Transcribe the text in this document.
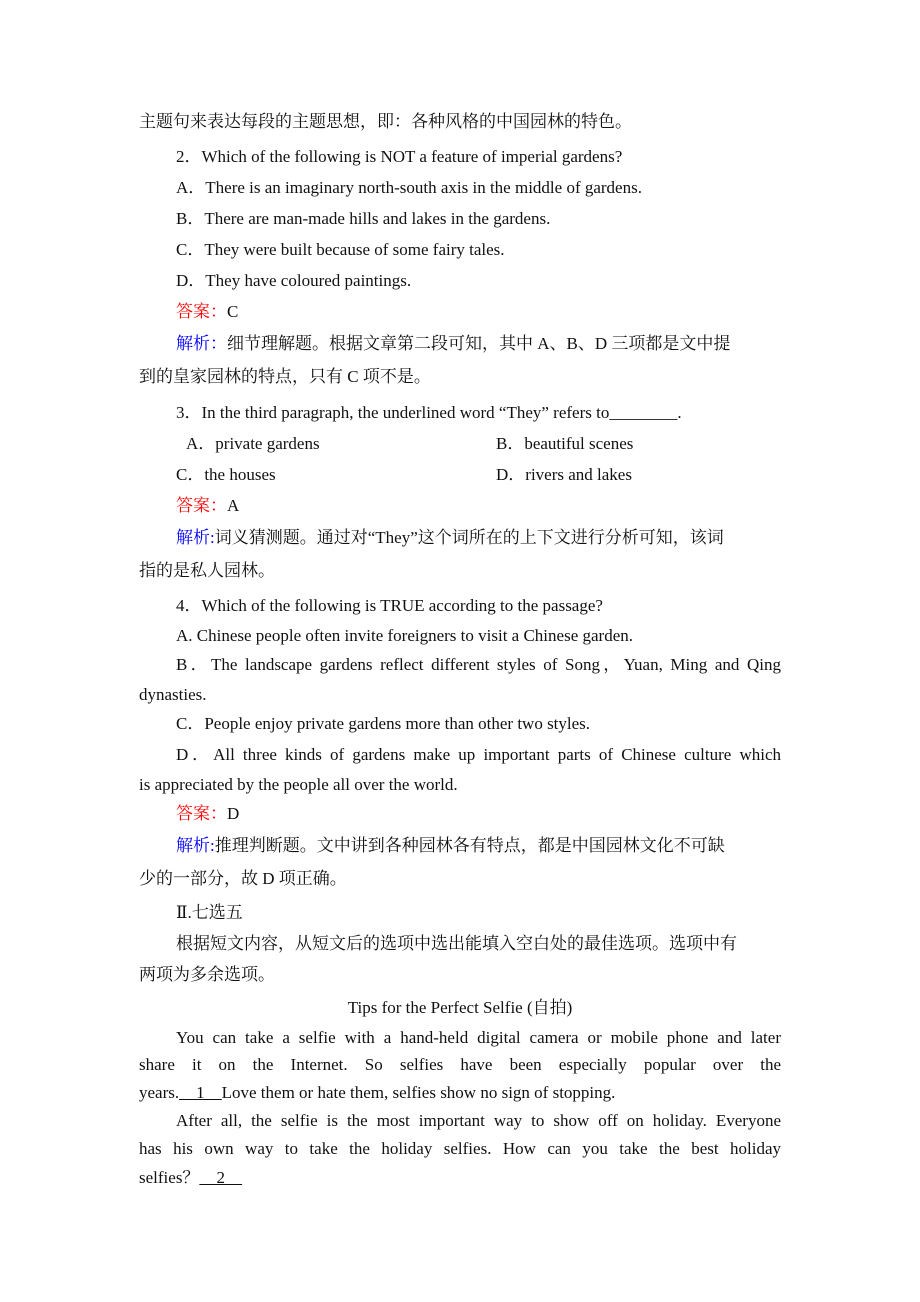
主题句来表达每段的主题思想，即：各种风格的中国园林的特色。
2．Which of the following is NOT a feature of imperial gardens?
A．There is an imaginary north-south axis in the middle of gardens.
B．There are man-made hills and lakes in the gardens.
C．They were built because of some fairy tales.
D．They have coloured paintings.
答案：C
解析：细节理解题。根据文章第二段可知，其中 A、B、D 三项都是文中提
到的皇家园林的特点，只有 C 项不是。
3．In the third paragraph, the underlined word “They” refers to________.
A．private gardens	B．beautiful scenes
C．the houses	D．rivers and lakes
答案：A
解析:词义猜测题。通过对“They”这个词所在的上下文进行分析可知，该词
指的是私人园林。
4．Which of the following is TRUE according to the passage?
A. Chinese people often invite foreigners to visit a Chinese garden.
B．The landscape gardens reflect different styles of Song，Yuan, Ming and Qing
dynasties.
C．People enjoy private gardens more than other two styles.
D．All three kinds of gardens make up important parts of Chinese culture which
is appreciated by the people all over the world.
答案：D
解析:推理判断题。文中讲到各种园林各有特点，都是中国园林文化不可缺
少的一部分，故 D 项正确。
Ⅱ.七选五
根据短文内容，从短文后的选项中选出能填入空白处的最佳选项。选项中有
两项为多余选项。
Tips for the Perfect Selfie (自拍)
You can take a selfie with a hand-held digital camera or mobile phone and later
share it on the Internet. So selfies have been especially popular over the
years.__1__Love them or hate them, selfies show no sign of stopping.
After all, the selfie is the most important way to show off on holiday. Everyone
has his own way to take the holiday selfies. How can you take the best holiday
selfies？__2__
